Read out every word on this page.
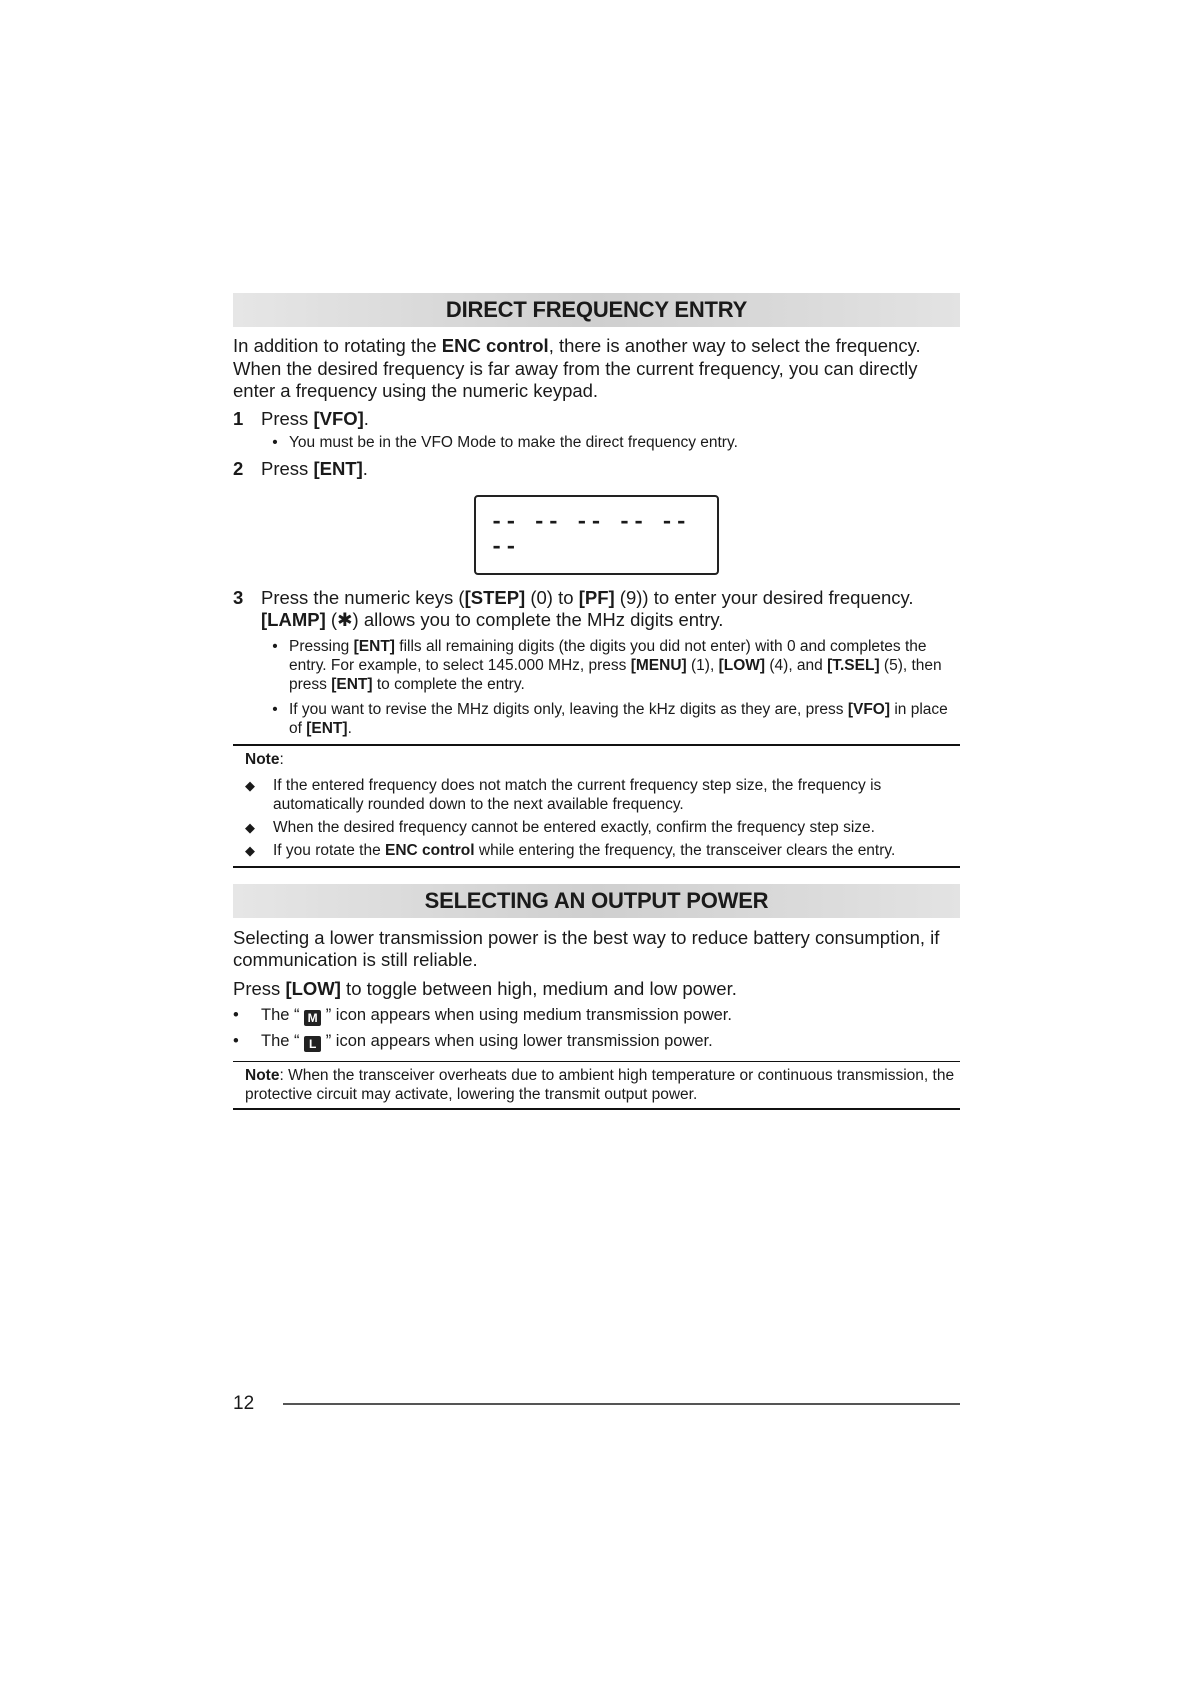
DIRECT FREQUENCY ENTRY

In addition to rotating the ENC control, there is another way to select the frequency. When the desired frequency is far away from the current frequency, you can directly enter a frequency using the numeric keypad.

1 Press [VFO].
• You must be in the VFO Mode to make the direct frequency entry.
2 Press [ENT].
-- -- -- -- -- --
3 Press the numeric keys ([STEP] (0) to [PF] (9)) to enter your desired frequency. [LAMP] (✱) allows you to complete the MHz digits entry.
• Pressing [ENT] fills all remaining digits (the digits you did not enter) with 0 and completes the entry. For example, to select 145.000 MHz, press [MENU] (1), [LOW] (4), and [T.SEL] (5), then press [ENT] to complete the entry.
• If you want to revise the MHz digits only, leaving the kHz digits as they are, press [VFO] in place of [ENT].
Note:
◆	If the entered frequency does not match the current frequency step size, the frequency is automatically rounded down to the next available frequency.
◆	When the desired frequency cannot be entered exactly, confirm the frequency step size.
◆	If you rotate the ENC control while entering the frequency, the transceiver clears the entry.
SELECTING AN OUTPUT POWER

Selecting a lower transmission power is the best way to reduce battery consumption, if communication is still reliable.

Press [LOW] to toggle between high, medium and low power.

•	The “ M ” icon appears when using medium transmission power.
•	The “ L ” icon appears when using lower transmission power.
Note: When the transceiver overheats due to ambient high temperature or continuous transmission, the protective circuit may activate, lowering the transmit output power.
12
